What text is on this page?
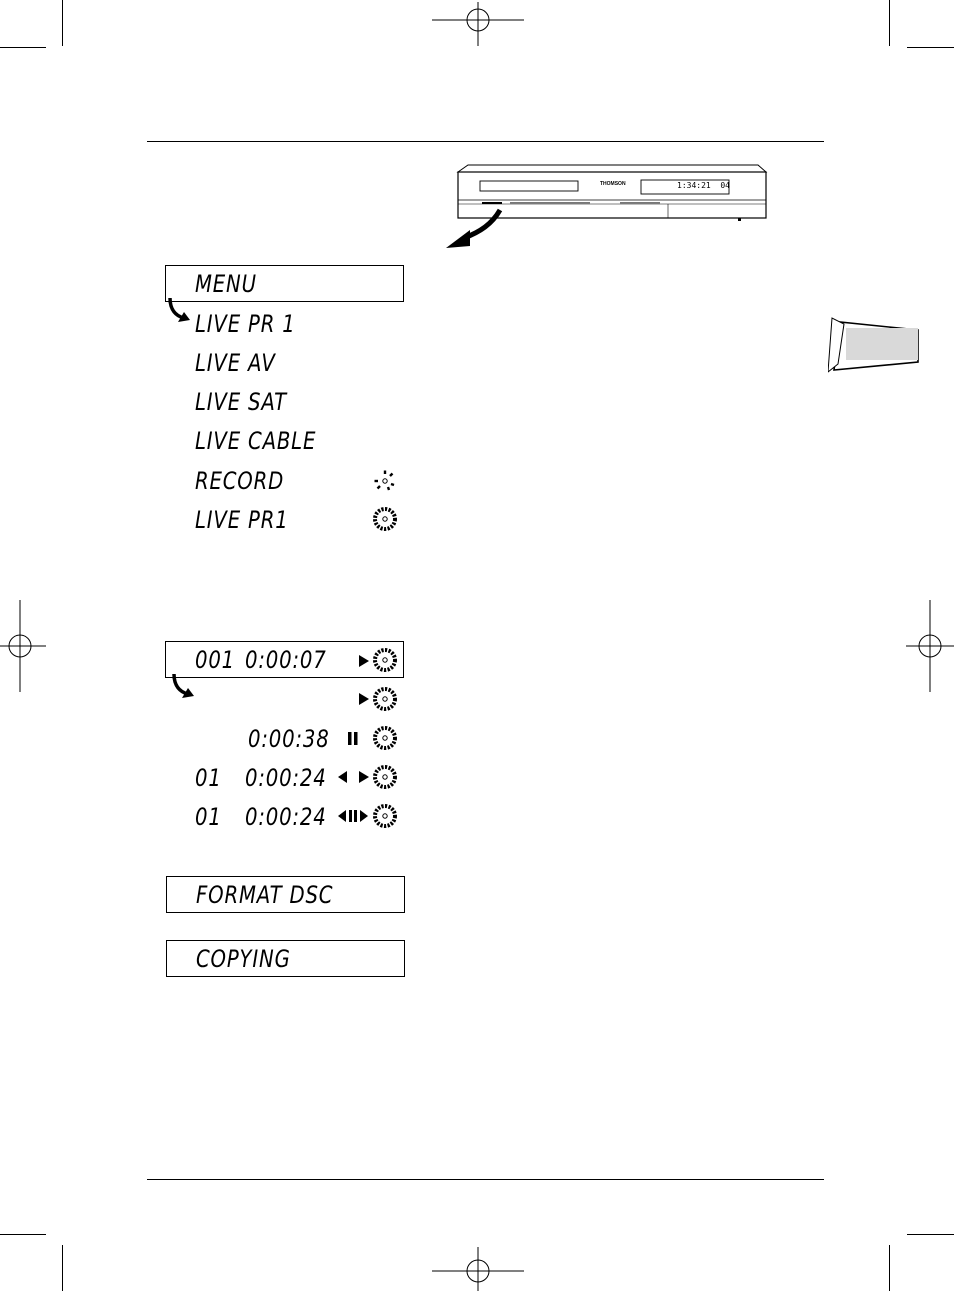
THOMSON	1:34:21  04
MENU
LIVE PR 1
LIVE AV
LIVE SAT
LIVE CABLE
RECORD
LIVE PR1
001 0:00:07
0:00:38
01 0:00:24
01 0:00:24
FORMAT DSC
COPYING
